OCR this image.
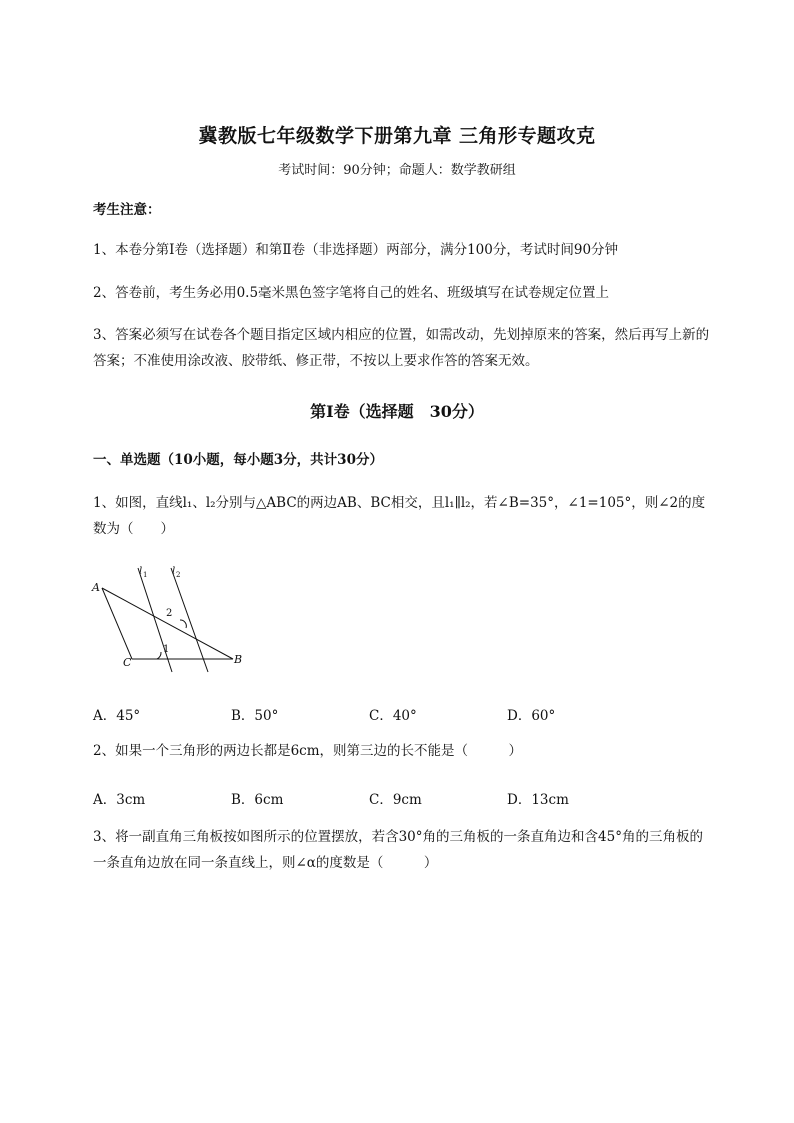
冀教版七年级数学下册第九章 三角形专题攻克
考试时间：90分钟；命题人：数学教研组
考生注意：
1、本卷分第I卷（选择题）和第Ⅱ卷（非选择题）两部分，满分100分，考试时间90分钟
2、答卷前，考生务必用0.5毫米黑色签字笔将自己的姓名、班级填写在试卷规定位置上
3、答案必须写在试卷各个题目指定区域内相应的位置，如需改动，先划掉原来的答案，然后再写上新的答案；不准使用涂改液、胶带纸、修正带，不按以上要求作答的答案无效。
第I卷（选择题　30分）
一、单选题（10小题，每小题3分，共计30分）
1、如图，直线l₁、l₂分别与△ABC的两边AB、BC相交，且l₁∥l₂，若∠B=35°，∠1=105°，则∠2的度数为（　　）
A
B
C
l 1 l 2
1
2
A．45°	B．50°	C．40°	D．60°
2、如果一个三角形的两边长都是6cm，则第三边的长不能是（　　　）
A．3cm	B．6cm	C．9cm	D．13cm
3、将一副直角三角板按如图所示的位置摆放，若含30°角的三角板的一条直角边和含45°角的三角板的一条直角边放在同一条直线上，则∠α的度数是（　　　）
